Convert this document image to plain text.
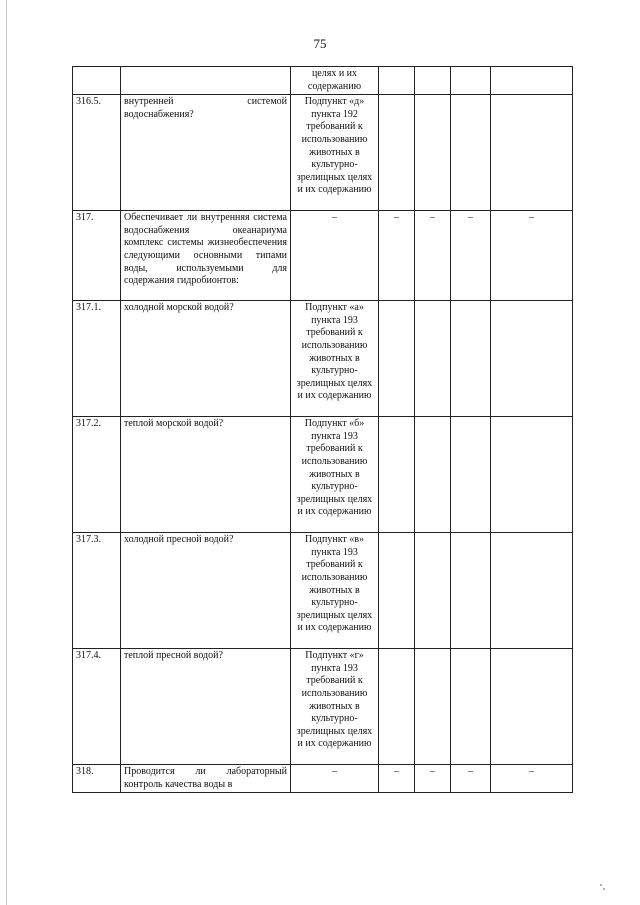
75
		целях и их содержанию				
316.5.	внутренней системой водоснабжения?	Подпункт «д» пункта 192 требований к использованию животных в культурно-зрелищных целях и их содержанию				
317.	Обеспечивает ли внутренняя система водоснабжения океанариума комплекс системы жизнеобеспечения следующими основными типами воды, используемыми для содержания гидробионтов:	–	–	–	–	–
317.1.	холодной морской водой?	Подпункт «а» пункта 193 требований к использованию животных в культурно-зрелищных целях и их содержанию				
317.2.	теплой морской водой?	Подпункт «б» пункта 193 требований к использованию животных в культурно-зрелищных целях и их содержанию				
317.3.	холодной пресной водой?	Подпункт «в» пункта 193 требований к использованию животных в культурно-зрелищных целях и их содержанию				
317.4.	теплой пресной водой?	Подпункт «г» пункта 193 требований к использованию животных в культурно-зрелищных целях и их содержанию				
318.	Проводится ли лабораторный контроль качества воды в	–	–	–	–	–
